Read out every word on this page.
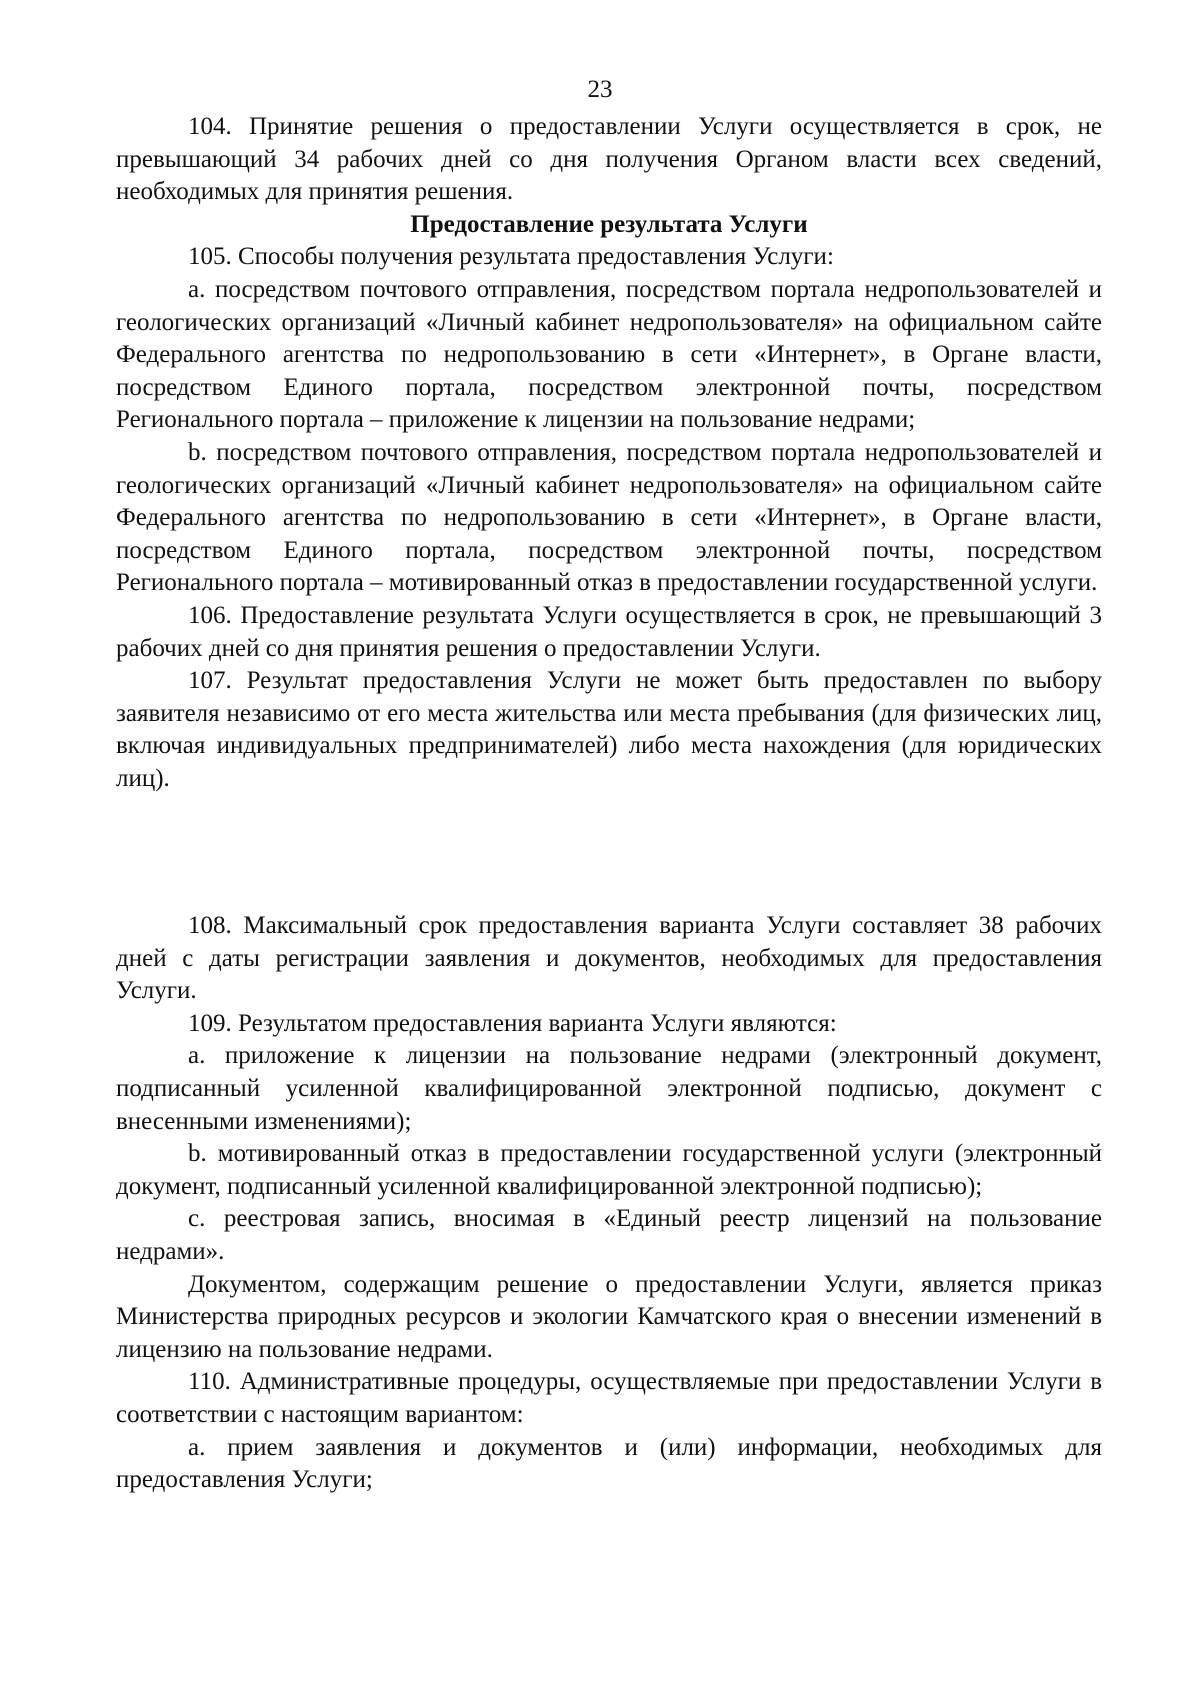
23

104. Принятие решения о предоставлении Услуги осуществляется в срок, не превышающий 34 рабочих дней со дня получения Органом власти всех сведений, необходимых для принятия решения.

Предоставление результата Услуги

105. Способы получения результата предоставления Услуги:

a. посредством почтового отправления, посредством портала недропользователей и геологических организаций «Личный кабинет недропользователя» на официальном сайте Федерального агентства по недропользованию в сети «Интернет», в Органе власти, посредством Единого портала, посредством электронной почты, посредством Регионального портала – приложение к лицензии на пользование недрами;

b. посредством почтового отправления, посредством портала недропользователей и геологических организаций «Личный кабинет недропользователя» на официальном сайте Федерального агентства по недропользованию в сети «Интернет», в Органе власти, посредством Единого портала, посредством электронной почты, посредством Регионального портала – мотивированный отказ в предоставлении государственной услуги.

106. Предоставление результата Услуги осуществляется в срок, не превышающий 3 рабочих дней со дня принятия решения о предоставлении Услуги.

107. Результат предоставления Услуги не может быть предоставлен по выбору заявителя независимо от его места жительства или места пребывания (для физических лиц, включая индивидуальных предпринимателей) либо места нахождения (для юридических лиц).

108. Максимальный срок предоставления варианта Услуги составляет 38 рабочих дней с даты регистрации заявления и документов, необходимых для предоставления Услуги.

109. Результатом предоставления варианта Услуги являются:

a. приложение к лицензии на пользование недрами (электронный документ, подписанный усиленной квалифицированной электронной подписью, документ с внесенными изменениями);

b. мотивированный отказ в предоставлении государственной услуги (электронный документ, подписанный усиленной квалифицированной электронной подписью);

c. реестровая запись, вносимая в «Единый реестр лицензий на пользование недрами».

Документом, содержащим решение о предоставлении Услуги, является приказ Министерства природных ресурсов и экологии Камчатского края о внесении изменений в лицензию на пользование недрами.

110. Административные процедуры, осуществляемые при предоставлении Услуги в соответствии с настоящим вариантом:

a. прием заявления и документов и (или) информации, необходимых для предоставления Услуги;
